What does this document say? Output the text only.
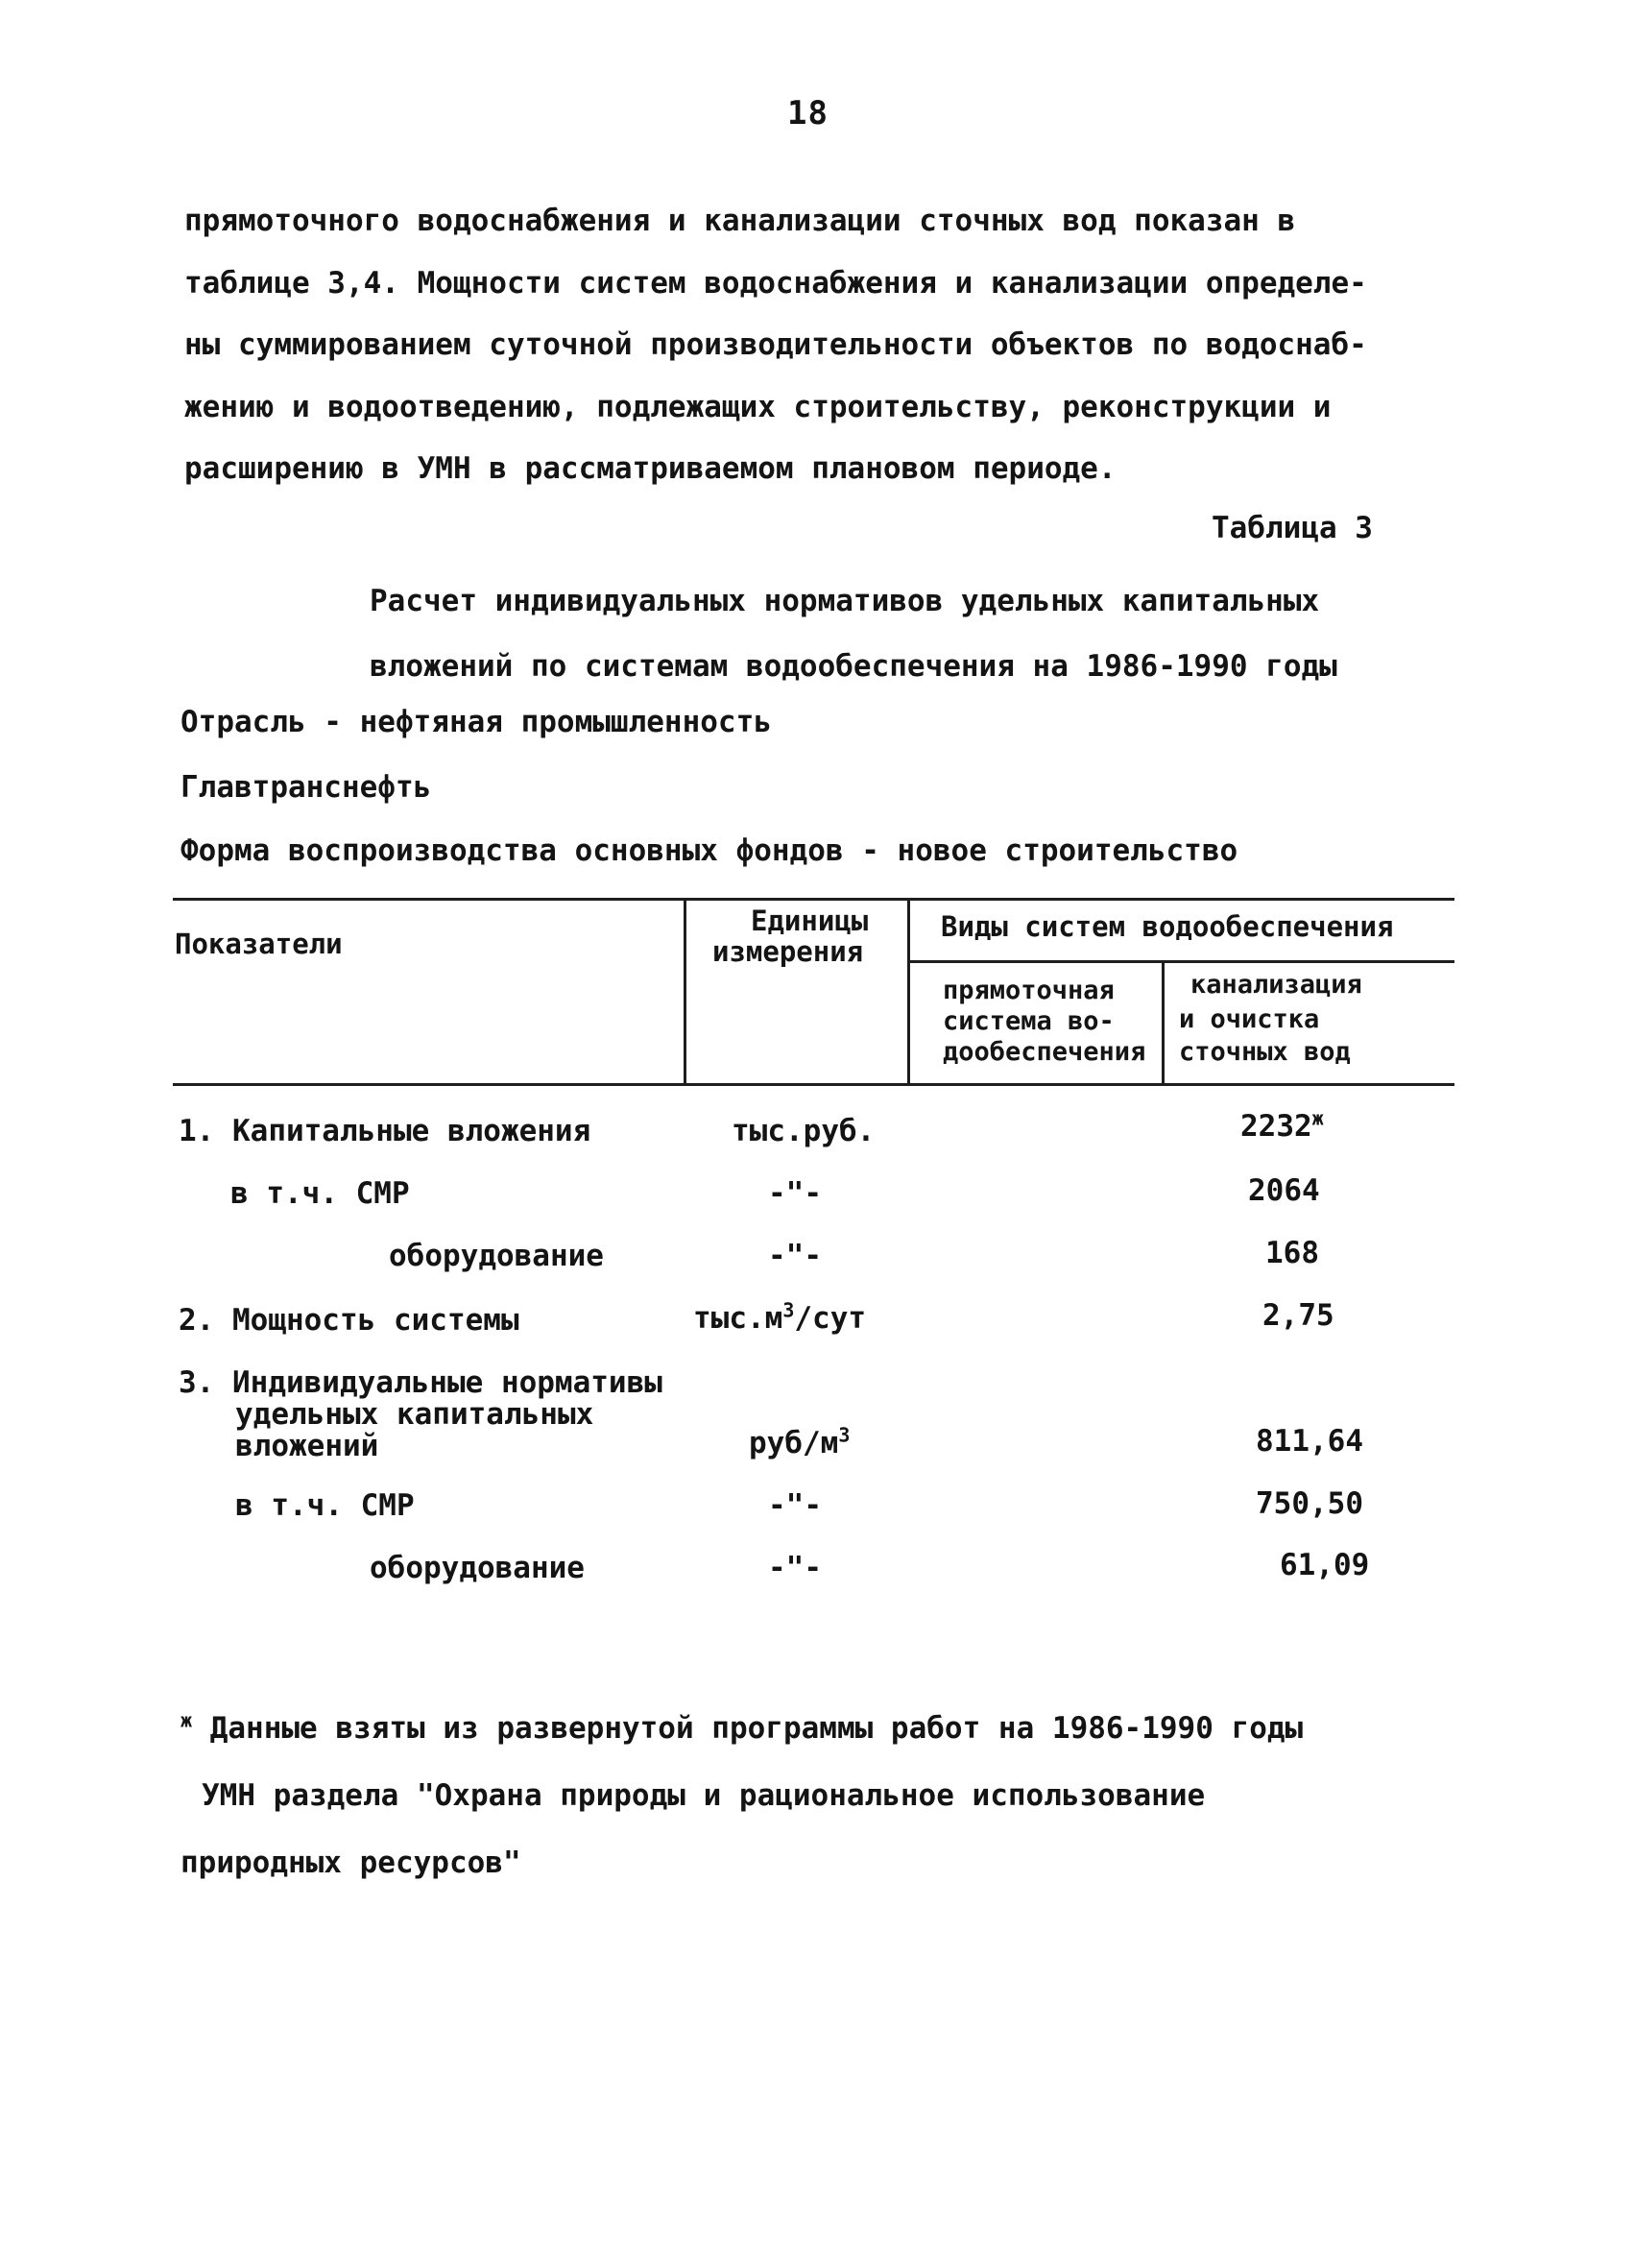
18
прямоточного водоснабжения и канализации сточных вод показан в
таблице 3,4. Мощности систем водоснабжения и канализации определе-
ны суммированием суточной производительности объектов по водоснаб-
жению и водоотведению, подлежащих строительству, реконструкции и
расширению в УМН в рассматриваемом плановом периоде.
Таблица 3
Расчет индивидуальных нормативов удельных капитальных
вложений по системам водообеспечения на 1986-1990 годы
Отрасль - нефтяная промышленность
Главтранснефть
Форма воспроизводства основных фондов - новое строительство
Показатели
Единицы
измерения
Виды систем водообеспечения
прямоточная
система во-
дообеспечения
канализация
и очистка
сточных вод
1. Капитальные вложения	тыс.руб.	$2232^ж$
в т.ч. СМР	-"-	2064
оборудование	-"-	168
2. Мощность системы	$тыс.м^3$/сут	2,75
3. Индивидуальные нормативы
удельных капитальных
вложений	руб/$м^3$	811,64
в т.ч. СМР	-"-	750,50
оборудование	-"-	61,09
$^ж$ Данные взяты из развернутой программы работ на 1986-1990 годы
УМН раздела "Охрана природы и рациональное использование
природных ресурсов"
